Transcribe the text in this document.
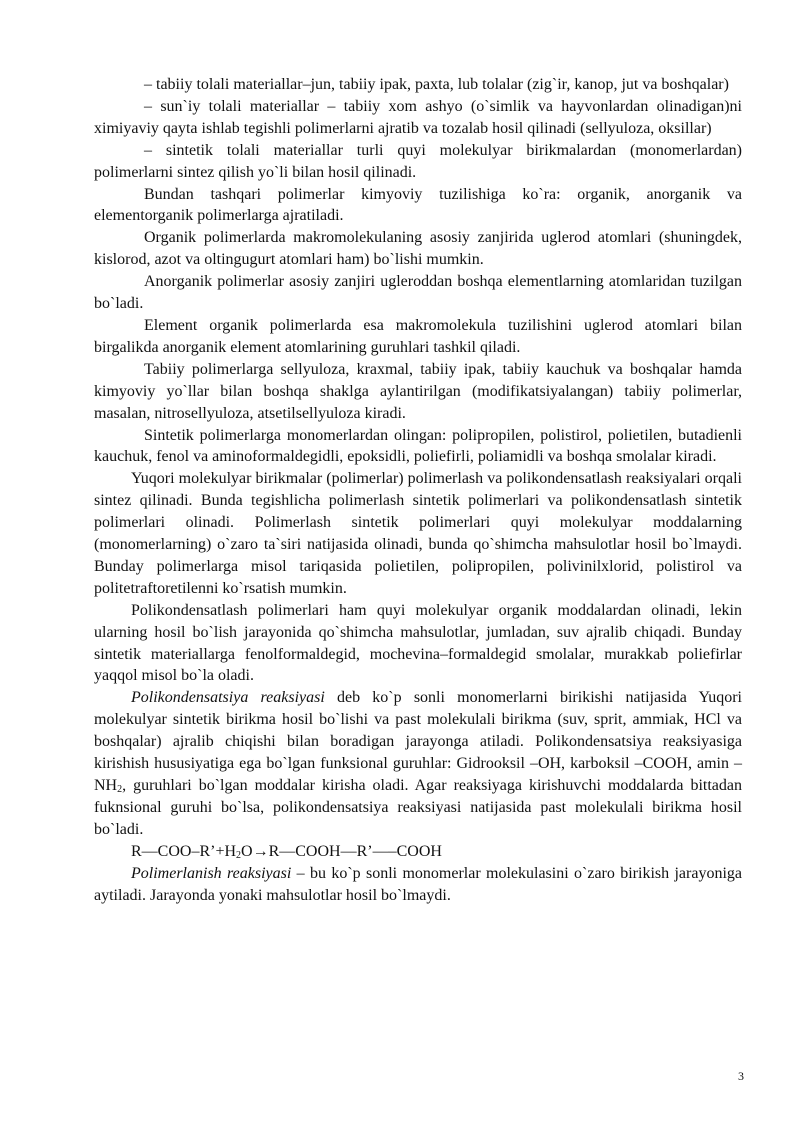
– tabiiy tolali materiallar–jun, tabiiy ipak, paxta, lub tolalar (zig`ir, kanop, jut va boshqalar)

– sun`iy tolali materiallar – tabiiy xom ashyo (o`simlik va hayvonlardan olinadigan)ni ximiyaviy qayta ishlab tegishli polimerlarni ajratib va tozalab hosil qilinadi (sellyuloza, oksillar)

– sintetik tolali materiallar turli quyi molekulyar birikmalardan (monomerlardan) polimerlarni sintez qilish yo`li bilan hosil qilinadi.

Bundan tashqari polimerlar kimyoviy tuzilishiga ko`ra: organik, anorganik va elementorganik polimerlarga ajratiladi.

Organik polimerlarda makromolekulaning asosiy zanjirida uglerod atomlari (shuningdek, kislorod, azot va oltingugurt atomlari ham) bo`lishi mumkin.

Anorganik polimerlar asosiy zanjiri ugleroddan boshqa elementlarning atomlaridan tuzilgan bo`ladi.

Element organik polimerlarda esa makromolekula tuzilishini uglerod atomlari bilan birgalikda anorganik element atomlarining guruhlari tashkil qiladi.

Tabiiy polimerlarga sellyuloza, kraxmal, tabiiy ipak, tabiiy kauchuk va boshqalar hamda kimyoviy yo`llar bilan boshqa shaklga aylantirilgan (modifikatsiyalangan) tabiiy polimerlar, masalan, nitrosellyuloza, atsetilsellyuloza kiradi.

Sintetik polimerlarga monomerlardan olingan: polipropilen, polistirol, polietilen, butadienli kauchuk, fenol va aminoformaldegidli, epoksidli, poliefirli, poliamidli va boshqa smolalar kiradi.

Yuqori molekulyar birikmalar (polimerlar) polimerlash va polikondensatlash reaksiyalari orqali sintez qilinadi. Bunda tegishlicha polimerlash sintetik polimerlari va polikondensatlash sintetik polimerlari olinadi. Polimerlash sintetik polimerlari quyi molekulyar moddalarning (monomerlarning) o`zaro ta`siri natijasida olinadi, bunda qo`shimcha mahsulotlar hosil bo`lmaydi. Bunday polimerlarga misol tariqasida polietilen, polipropilen, polivinilxlorid, polistirol va politetraftoretilenni ko`rsatish mumkin.

Polikondensatlash polimerlari ham quyi molekulyar organik moddalardan olinadi, lekin ularning hosil bo`lish jarayonida qo`shimcha mahsulotlar, jumladan, suv ajralib chiqadi. Bunday sintetik materiallarga fenolformaldegid, mochevina–formaldegid smolalar, murakkab poliefirlar yaqqol misol bo`la oladi.

Polikondensatsiya reaksiyasi deb ko`p sonli monomerlarni birikishi natijasida Yuqori molekulyar sintetik birikma hosil bo`lishi va past molekulali birikma (suv, sprit, ammiak, HCl va boshqalar) ajralib chiqishi bilan boradigan jarayonga atiladi. Polikondensatsiya reaksiyasiga kirishish hususiyatiga ega bo`lgan funksional guruhlar: Gidrooksil –OH, karboksil –COOH, amin $-NH_2$, guruhlari bo`lgan moddalar kirisha oladi. Agar reaksiyaga kirishuvchi moddalarda bittadan fuknsional guruhi bo`lsa, polikondensatsiya reaksiyasi natijasida past molekulali birikma hosil bo`ladi.

$R—COO-R’+H_2O\to R—COOH—R’—$–COOH

Polimerlanish reaksiyasi – bu ko`p sonli monomerlar molekulasini o`zaro birikish jarayoniga aytiladi. Jarayonda yonaki mahsulotlar hosil bo`lmaydi.

3
